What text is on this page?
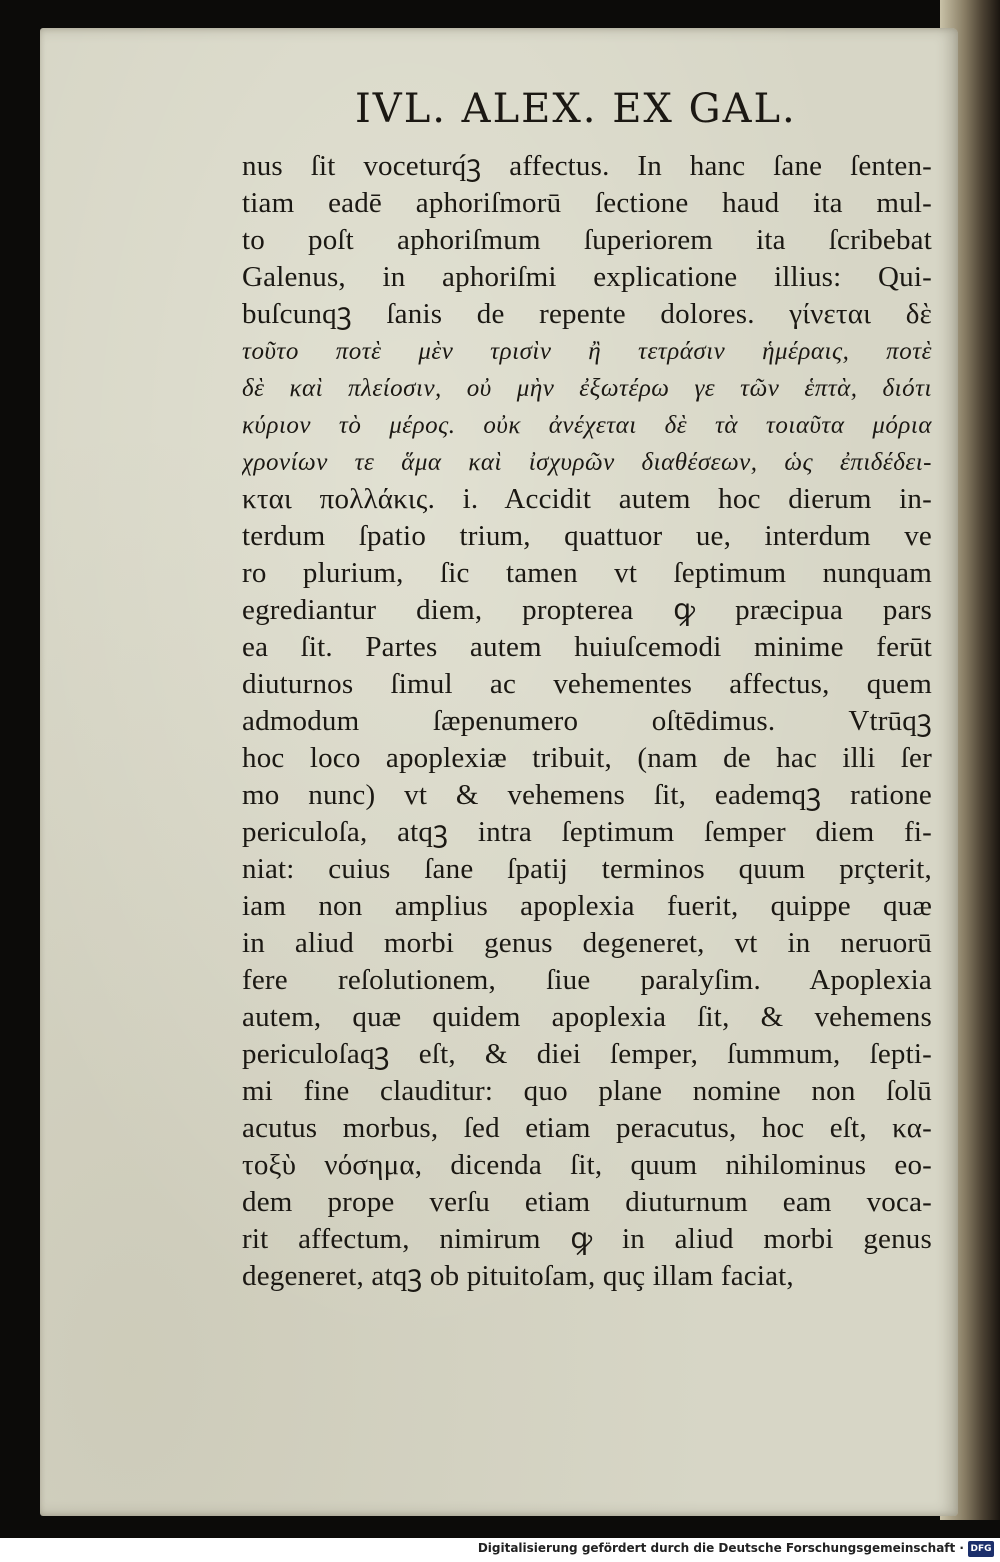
IVL. ALEX. EX GAL.
nus ſit voceturq́ꝫ affectus. In hanc ſane ſenten-
tiam eadē aphoriſmorū ſectione haud ita mul-
to poſt aphoriſmum ſuperiorem ita ſcribebat
Galenus, in aphoriſmi explicatione illius: Qui-
buſcunqꝫ ſanis de repente dolores. γίνεται δὲ
τοῦτο ποτὲ μὲν τρισὶν ἢ τετράσιν ἡμέραις, ποτὲ
δὲ καὶ πλείοσιν, οὐ μὴν ἐξωτέρω γε τῶν ἑπτὰ, διότι
κύριον τὸ μέρος. οὐκ ἀνέχεται δὲ τὰ τοιαῦτα μόρια
χρονίων τε ἅμα καὶ ἰσχυρῶν διαθέσεων, ὡς ἐπιδέδει-
κται πολλάκις. i. Accidit autem hoc dierum in-
terdum ſpatio trium, quattuor ue, interdum ve
ro plurium, ſic tamen vt ſeptimum nunquam
egrediantur diem, propterea ꝙ præcipua pars
ea ſit. Partes autem huiuſcemodi minime ferūt
diuturnos ſimul ac vehementes affectus, quem
admodum ſæpenumero oſtēdimus. Vtrūqꝫ
hoc loco apoplexiæ tribuit, (nam de hac illi ſer
mo nunc) vt & vehemens ſit, eademqꝫ ratione
periculoſa, atqꝫ intra ſeptimum ſemper diem fi-
niat: cuius ſane ſpatij terminos quum prçterit,
iam non amplius apoplexia fuerit, quippe quæ
in aliud morbi genus degeneret, vt in neruorū
fere reſolutionem, ſiue paralyſim. Apoplexia
autem, quæ quidem apoplexia ſit, & vehemens
periculoſaqꝫ eſt, & diei ſemper, ſummum, ſepti-
mi fine clauditur: quo plane nomine non ſolū
acutus morbus, ſed etiam peracutus, hoc eſt, κα-
τοξὺ νόσημα, dicenda ſit, quum nihilominus eo-
dem prope verſu etiam diuturnum eam voca-
rit affectum, nimirum ꝙ in aliud morbi genus
degeneret, atqꝫ ob pituitoſam, quç illam faciat,
Digitalisierung gefördert durch die Deutsche Forschungsgemeinschaft · DFG
